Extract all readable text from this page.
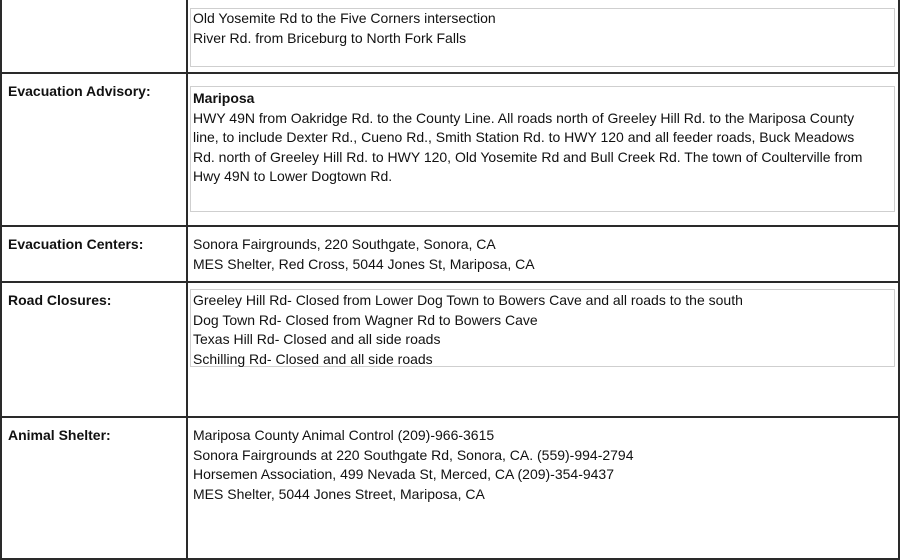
Old Yosemite Rd to the Five Corners intersection
River Rd. from Briceburg to North Fork Falls
Evacuation Advisory:	Mariposa
HWY 49N from Oakridge Rd. to the County Line. All roads north of Greeley Hill Rd. to the Mariposa County
line, to include Dexter Rd., Cueno Rd., Smith Station Rd. to HWY 120 and all feeder roads, Buck Meadows
Rd. north of Greeley Hill Rd. to HWY 120, Old Yosemite Rd and Bull Creek Rd. The town of Coulterville from
Hwy 49N to Lower Dogtown Rd.
Evacuation Centers:	Sonora Fairgrounds, 220 Southgate, Sonora, CA
MES Shelter, Red Cross, 5044 Jones St, Mariposa, CA
Road Closures:	Greeley Hill Rd- Closed from Lower Dog Town to Bowers Cave and all roads to the south
Dog Town Rd- Closed from Wagner Rd to Bowers Cave
Texas Hill Rd- Closed and all side roads
Schilling Rd- Closed and all side roads
Animal Shelter:	Mariposa County Animal Control (209)-966-3615
Sonora Fairgrounds at 220 Southgate Rd, Sonora, CA. (559)-994-2794
Horsemen Association, 499 Nevada St, Merced, CA (209)-354-9437
MES Shelter, 5044 Jones Street, Mariposa, CA
